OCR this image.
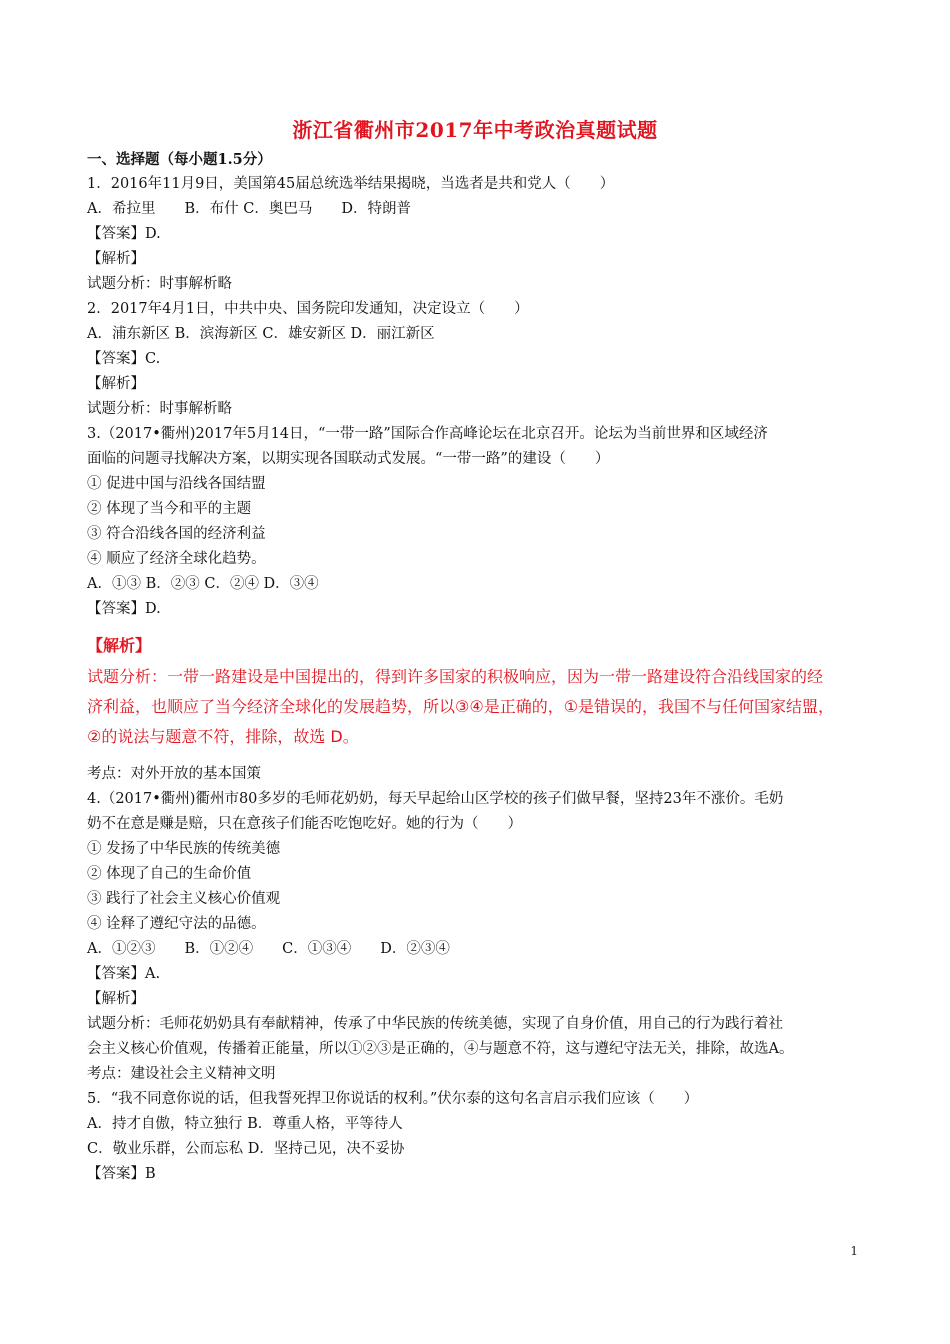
浙江省衢州市2017年中考政治真题试题
一、选择题（每小题1.5分）
1．2016年11月9日，美国第45届总统选举结果揭晓，当选者是共和党人（　　）
A．希拉里　　B．布什 C．奥巴马　　D．特朗普
【答案】D.
【解析】
试题分析：时事解析略
2．2017年4月1日，中共中央、国务院印发通知，决定设立（　　）
A．浦东新区 B．滨海新区 C．雄安新区 D．丽江新区
【答案】C.
【解析】
试题分析：时事解析略
3.（2017•衢州)2017年5月14日，“一带一路”国际合作高峰论坛在北京召开。论坛为当前世界和区域经济
面临的问题寻找解决方案，以期实现各国联动式发展。“一带一路”的建设（　　）
① 促进中国与沿线各国结盟
② 体现了当今和平的主题
③ 符合沿线各国的经济利益
④ 顺应了经济全球化趋势。
A．①③ B．②③ C．②④ D．③④
【答案】D.
【解析】
试题分析：一带一路建设是中国提出的，得到许多国家的积极响应，因为一带一路建设符合沿线国家的经
济利益，也顺应了当今经济全球化的发展趋势，所以③④是正确的，①是错误的，我国不与任何国家结盟，
②的说法与题意不符，排除，故选 D。
考点：对外开放的基本国策
4.（2017•衢州)衢州市80多岁的毛师花奶奶，每天早起给山区学校的孩子们做早餐，坚持23年不涨价。毛奶
奶不在意是赚是赔，只在意孩子们能否吃饱吃好。她的行为（　　）
① 发扬了中华民族的传统美德
② 体现了自己的生命价值
③ 践行了社会主义核心价值观
④ 诠释了遵纪守法的品德。
A．①②③　　B．①②④　　C．①③④　　D．②③④
【答案】A.
【解析】
试题分析：毛师花奶奶具有奉献精神，传承了中华民族的传统美德，实现了自身价值，用自己的行为践行着社
会主义核心价值观，传播着正能量，所以①②③是正确的，④与题意不符，这与遵纪守法无关，排除，故选A。
考点：建设社会主义精神文明
5．“我不同意你说的话，但我誓死捍卫你说话的权利。”伏尔泰的这句名言启示我们应该（　　）
A．持才自傲，特立独行 B．尊重人格，平等待人
C．敬业乐群，公而忘私 D．坚持己见，决不妥协
【答案】B
1
